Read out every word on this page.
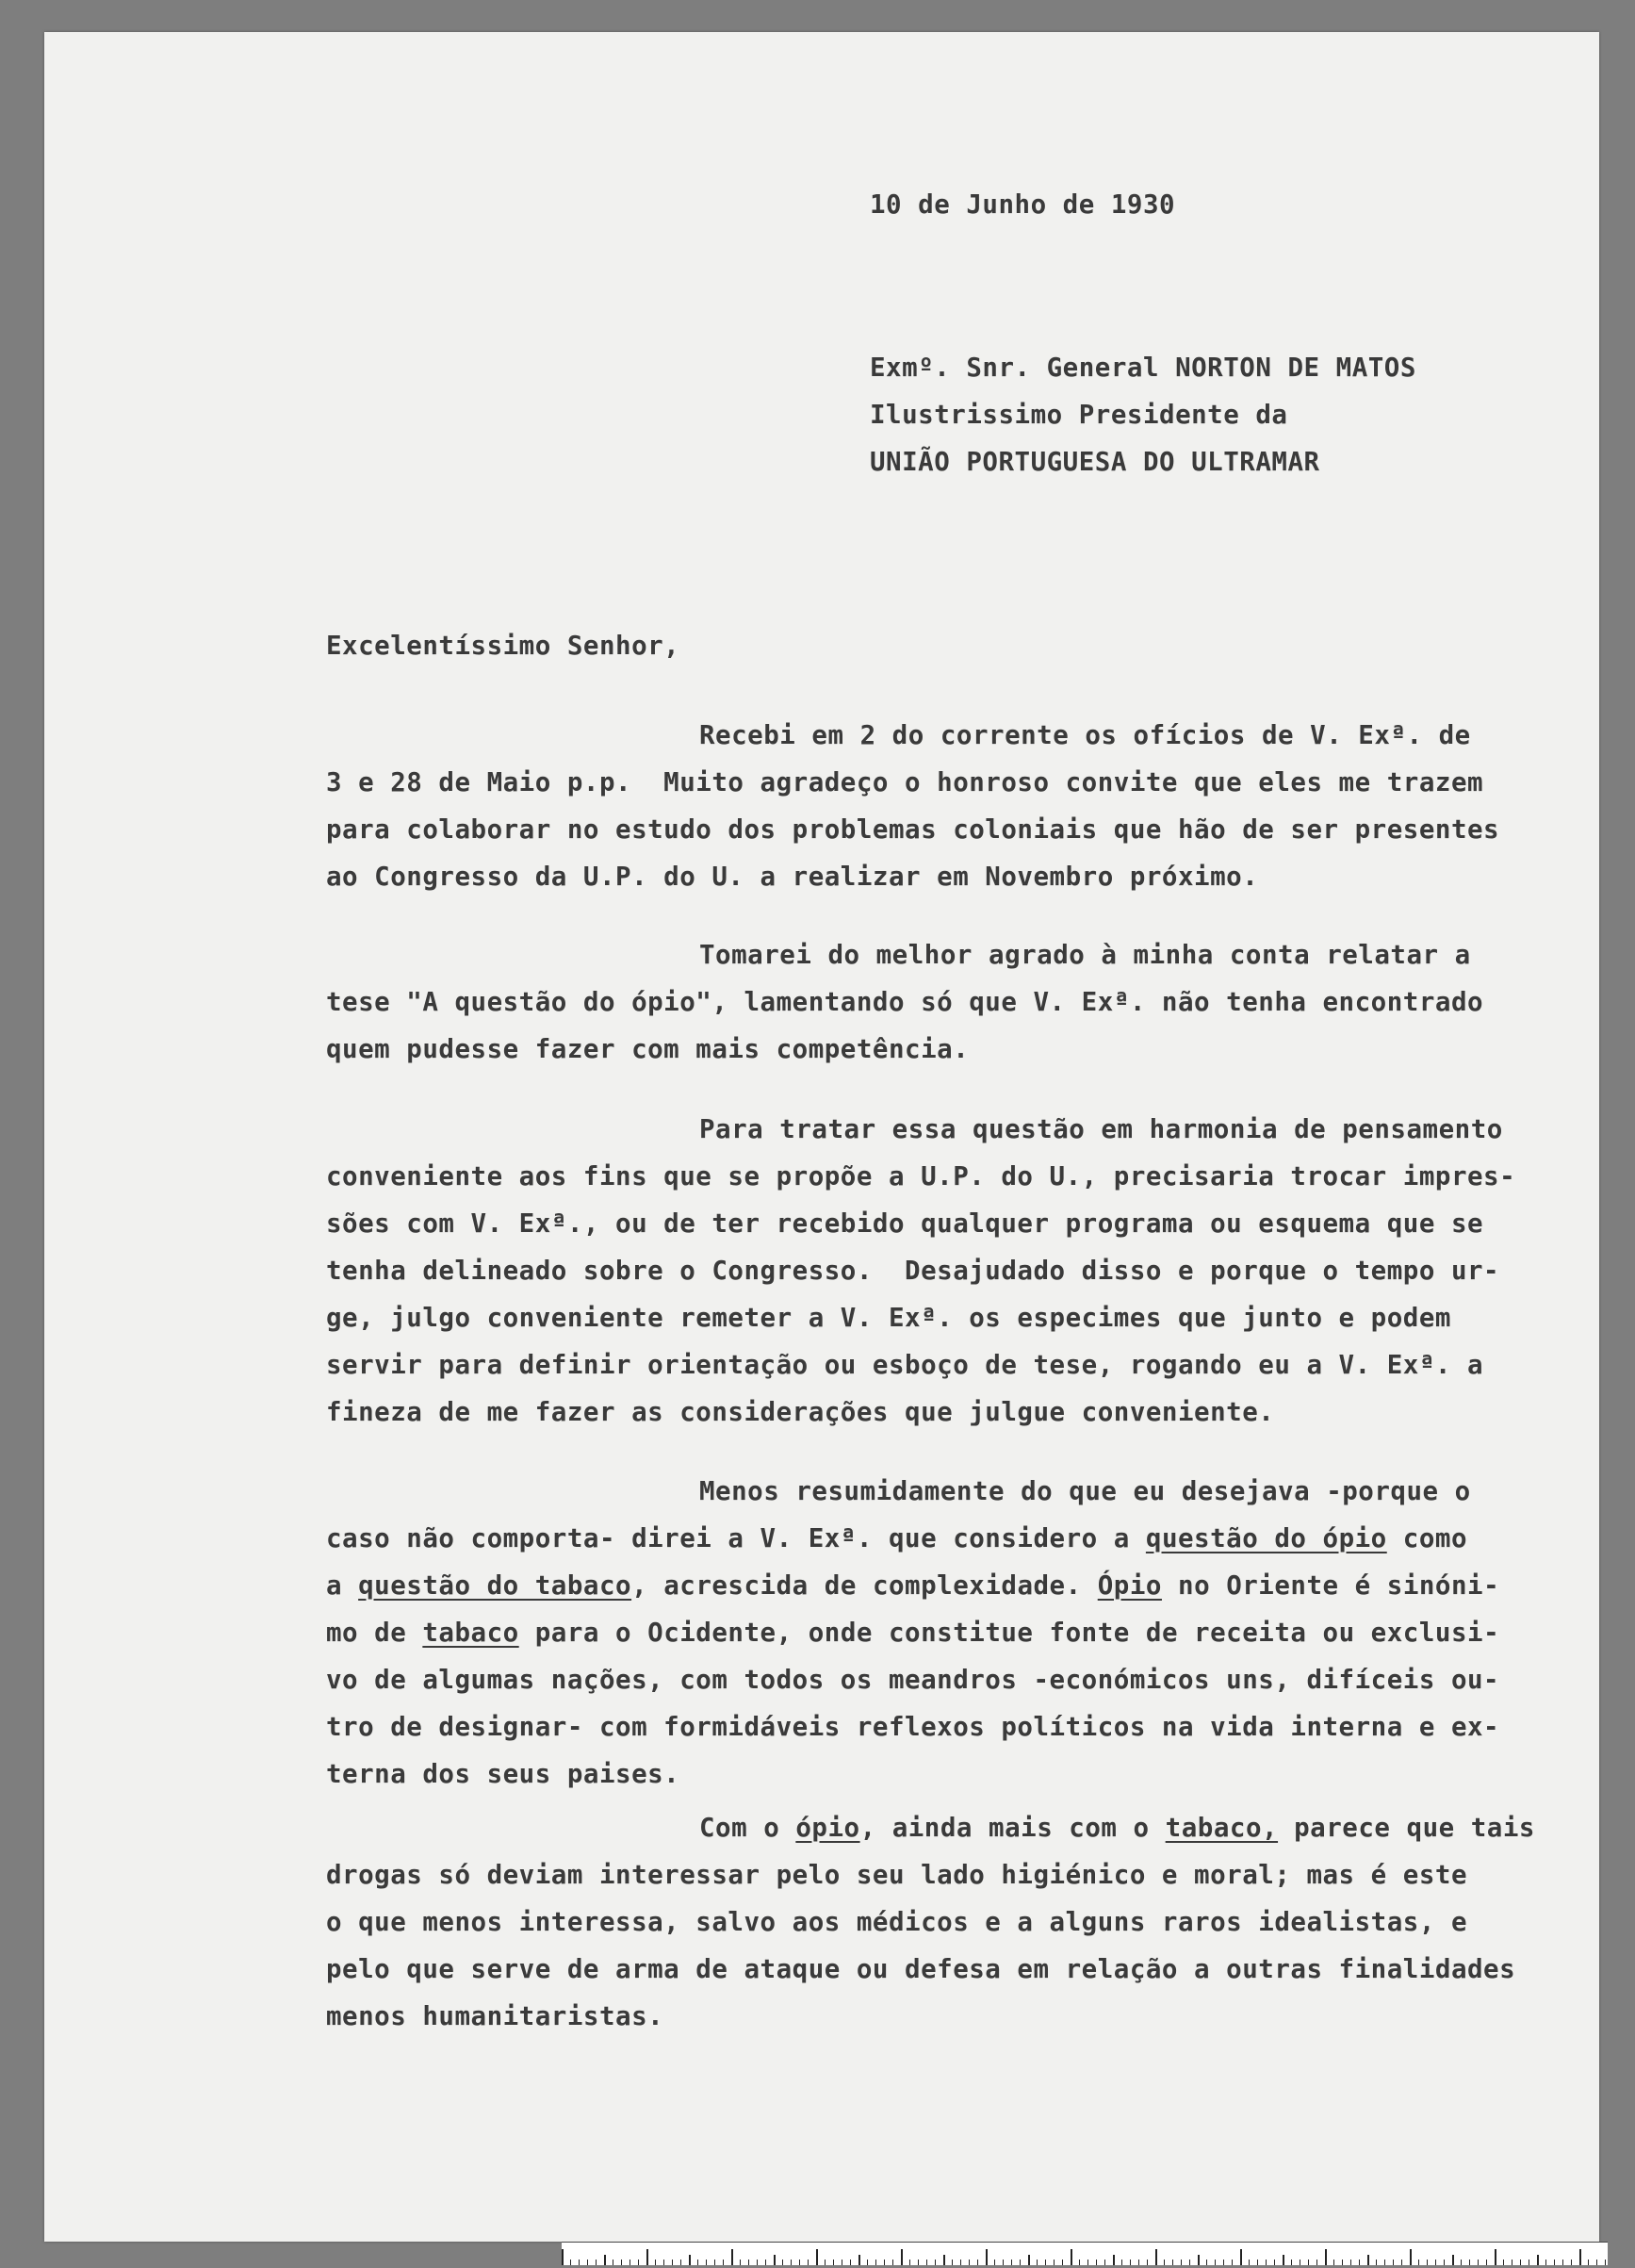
10 de Junho de 1930
Exmº. Snr. General NORTON DE MATOS
Ilustrissimo Presidente da
UNIÃO PORTUGUESA DO ULTRAMAR
Excelentíssimo Senhor,
Recebi em 2 do corrente os ofícios de V. Exª. de
3 e 28 de Maio p.p.  Muito agradeço o honroso convite que eles me trazem
para colaborar no estudo dos problemas coloniais que hão de ser presentes
ao Congresso da U.P. do U. a realizar em Novembro próximo.
Tomarei do melhor agrado à minha conta relatar a
tese "A questão do ópio", lamentando só que V. Exª. não tenha encontrado
quem pudesse fazer com mais competência.
Para tratar essa questão em harmonia de pensamento
conveniente aos fins que se propõe a U.P. do U., precisaria trocar impres-
sões com V. Exª., ou de ter recebido qualquer programa ou esquema que se
tenha delineado sobre o Congresso.  Desajudado disso e porque o tempo ur-
ge, julgo conveniente remeter a V. Exª. os especimes que junto e podem
servir para definir orientação ou esboço de tese, rogando eu a V. Exª. a
fineza de me fazer as considerações que julgue conveniente.
Menos resumidamente do que eu desejava -porque o
caso não comporta- direi a V. Exª. que considero a questão do ópio como
a questão do tabaco, acrescida de complexidade. Ópio no Oriente é sinóni-
mo de tabaco para o Ocidente, onde constitue fonte de receita ou exclusi-
vo de algumas nações, com todos os meandros -económicos uns, difíceis ou-
tro de designar- com formidáveis reflexos políticos na vida interna e ex-
terna dos seus paises.
Com o ópio, ainda mais com o tabaco, parece que tais
drogas só deviam interessar pelo seu lado higiénico e moral; mas é este
o que menos interessa, salvo aos médicos e a alguns raros idealistas, e
pelo que serve de arma de ataque ou defesa em relação a outras finalidades
menos humanitaristas.
